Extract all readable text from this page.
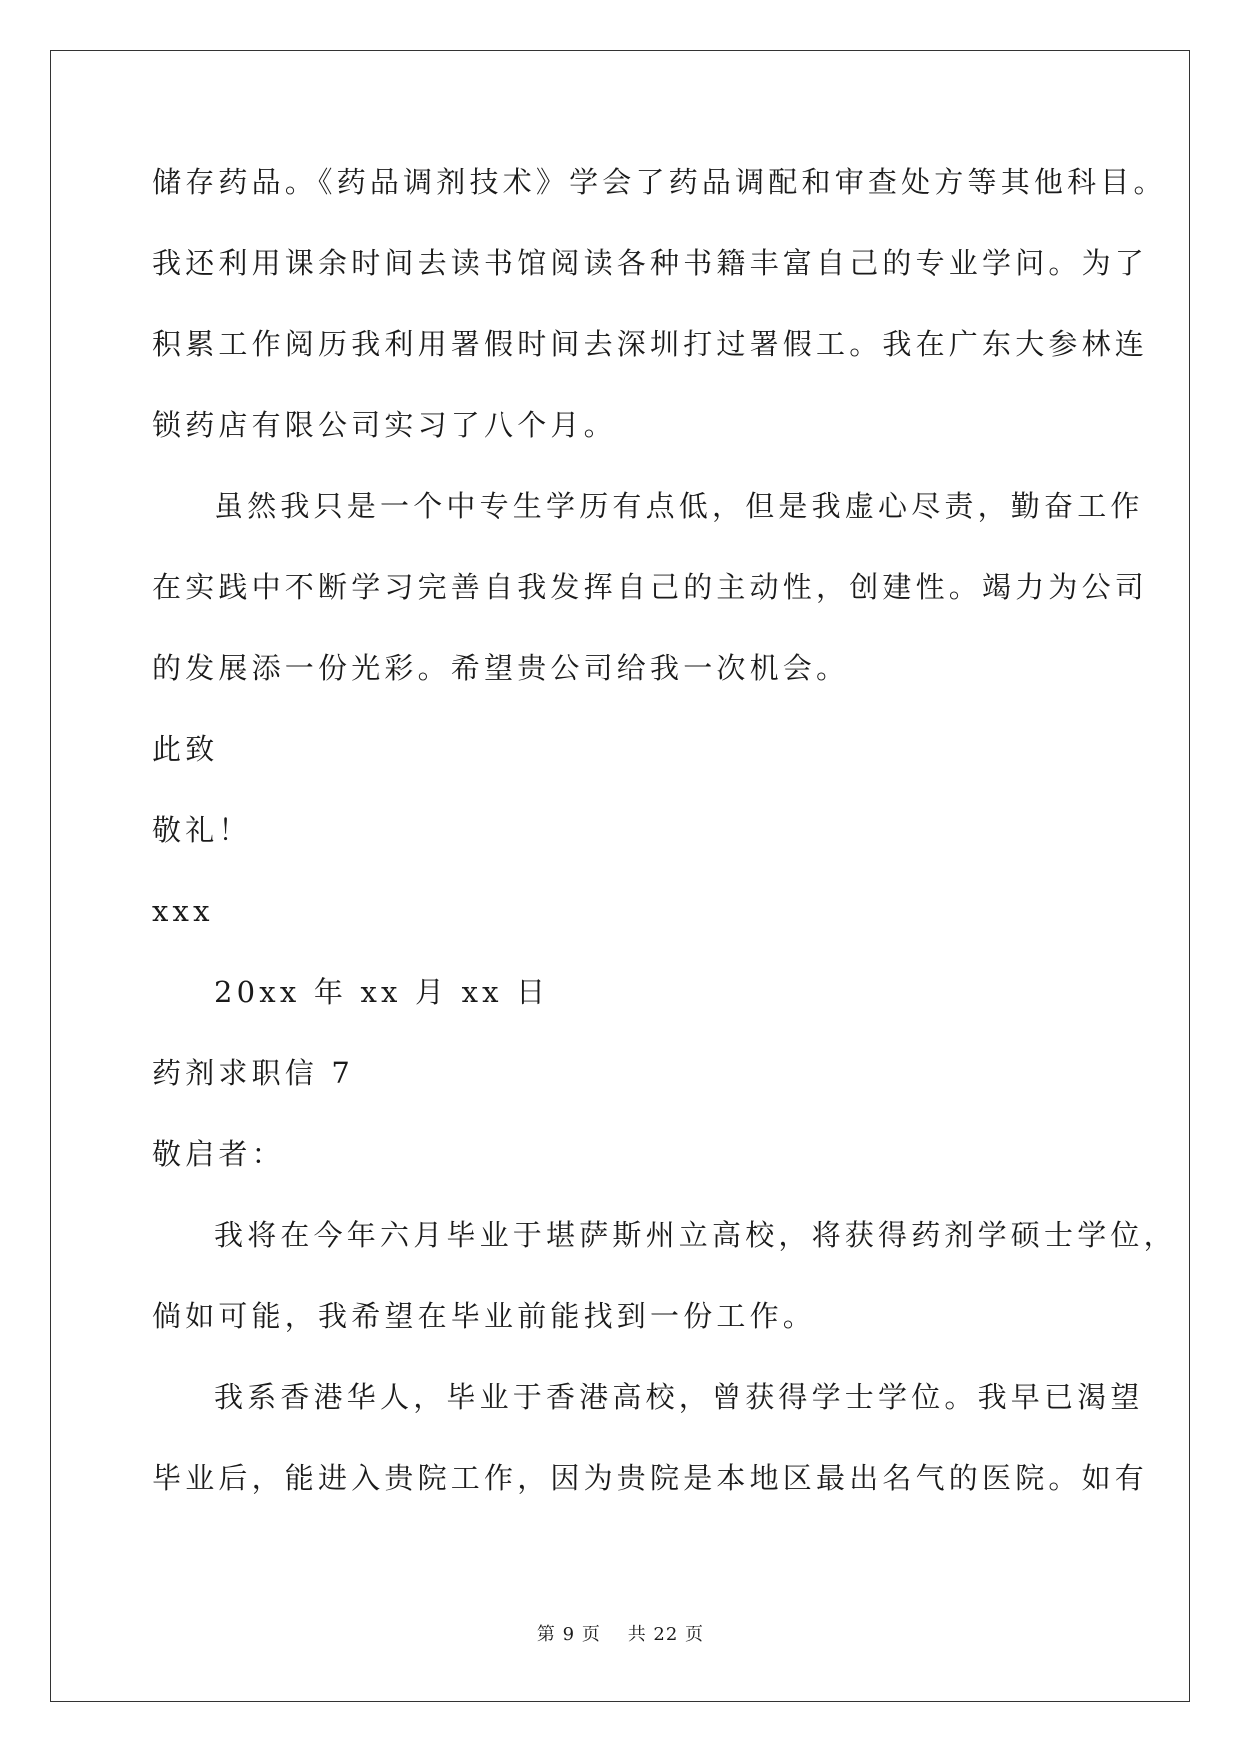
储存药品。《药品调剂技术》学会了药品调配和审查处方等其他科目。
我还利用课余时间去读书馆阅读各种书籍丰富自己的专业学问。为了
积累工作阅历我利用署假时间去深圳打过署假工。我在广东大参林连
锁药店有限公司实习了八个月。
虽然我只是一个中专生学历有点低，但是我虚心尽责，勤奋工作
在实践中不断学习完善自我发挥自己的主动性，创建性。竭力为公司
的发展添一份光彩。希望贵公司给我一次机会。
此致
敬礼！
xxx
20xx 年 xx 月 xx 日
药剂求职信 7
敬启者：
我将在今年六月毕业于堪萨斯州立高校，将获得药剂学硕士学位，
倘如可能，我希望在毕业前能找到一份工作。
我系香港华人，毕业于香港高校，曾获得学士学位。我早已渴望
毕业后，能进入贵院工作，因为贵院是本地区最出名气的医院。如有
第 9 页    共 22 页
